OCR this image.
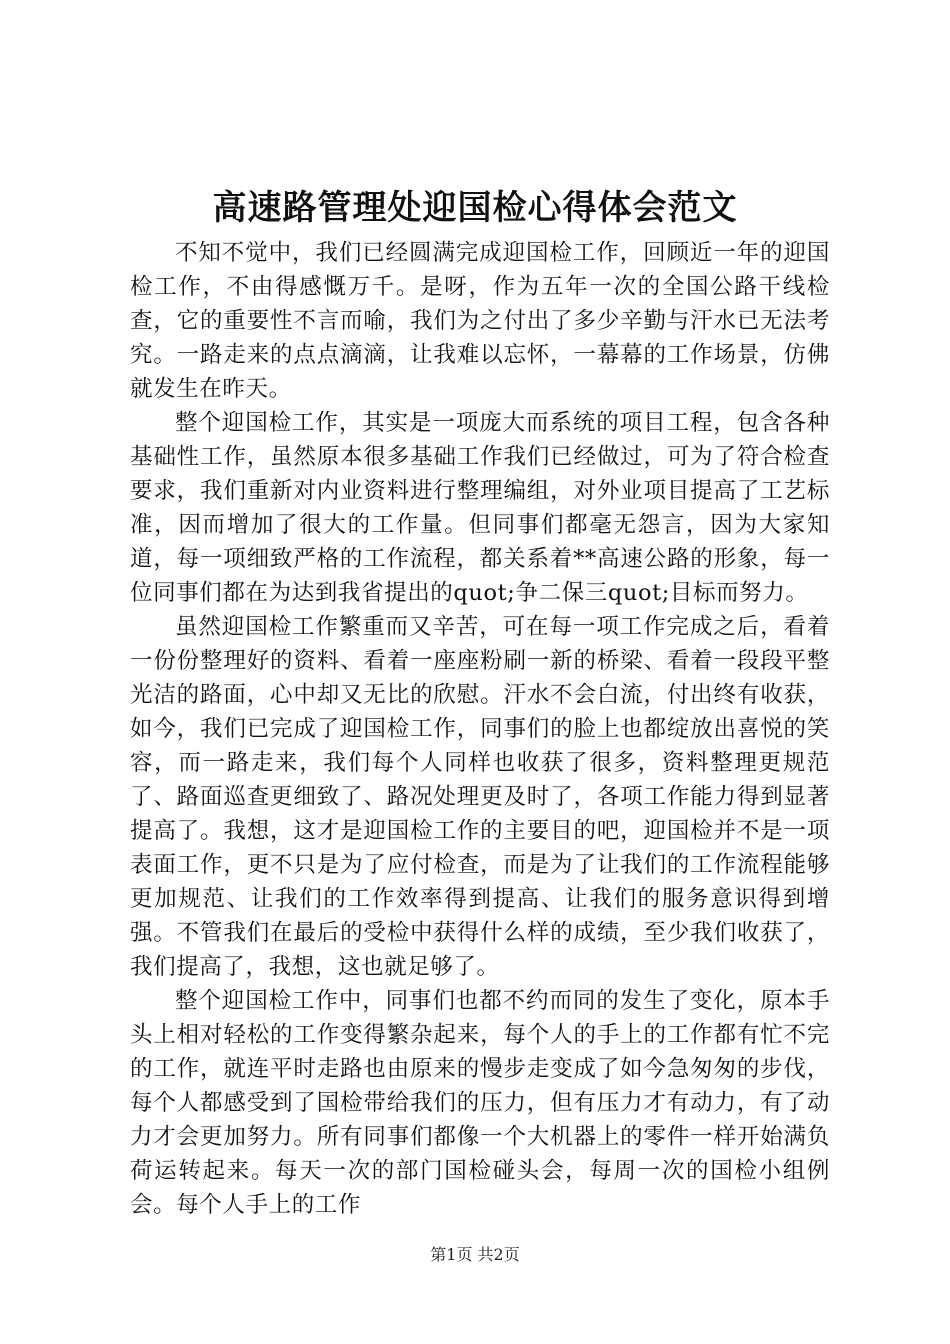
高速路管理处迎国检心得体会范文

不知不觉中，我们已经圆满完成迎国检工作，回顾近一年的迎国检工作，不由得感慨万千。是呀，作为五年一次的全国公路干线检查，它的重要性不言而喻，我们为之付出了多少辛勤与汗水已无法考究。一路走来的点点滴滴，让我难以忘怀，一幕幕的工作场景，仿佛就发生在昨天。

整个迎国检工作，其实是一项庞大而系统的项目工程，包含各种基础性工作，虽然原本很多基础工作我们已经做过，可为了符合检查要求，我们重新对内业资料进行整理编组，对外业项目提高了工艺标准，因而增加了很大的工作量。但同事们都毫无怨言，因为大家知道，每一项细致严格的工作流程，都关系着**高速公路的形象，每一位同事们都在为达到我省提出的quot;争二保三quot;目标而努力。

虽然迎国检工作繁重而又辛苦，可在每一项工作完成之后，看着一份份整理好的资料、看着一座座粉刷一新的桥梁、看着一段段平整光洁的路面，心中却又无比的欣慰。汗水不会白流，付出终有收获，如今，我们已完成了迎国检工作，同事们的脸上也都绽放出喜悦的笑容，而一路走来，我们每个人同样也收获了很多，资料整理更规范了、路面巡查更细致了、路况处理更及时了，各项工作能力得到显著提高了。我想，这才是迎国检工作的主要目的吧，迎国检并不是一项表面工作，更不只是为了应付检查，而是为了让我们的工作流程能够更加规范、让我们的工作效率得到提高、让我们的服务意识得到增强。不管我们在最后的受检中获得什么样的成绩，至少我们收获了，我们提高了，我想，这也就足够了。

整个迎国检工作中，同事们也都不约而同的发生了变化，原本手头上相对轻松的工作变得繁杂起来，每个人的手上的工作都有忙不完的工作，就连平时走路也由原来的慢步走变成了如今急匆匆的步伐，每个人都感受到了国检带给我们的压力，但有压力才有动力，有了动力才会更加努力。所有同事们都像一个大机器上的零件一样开始满负荷运转起来。每天一次的部门国检碰头会，每周一次的国检小组例会。每个人手上的工作

第1页 共2页
